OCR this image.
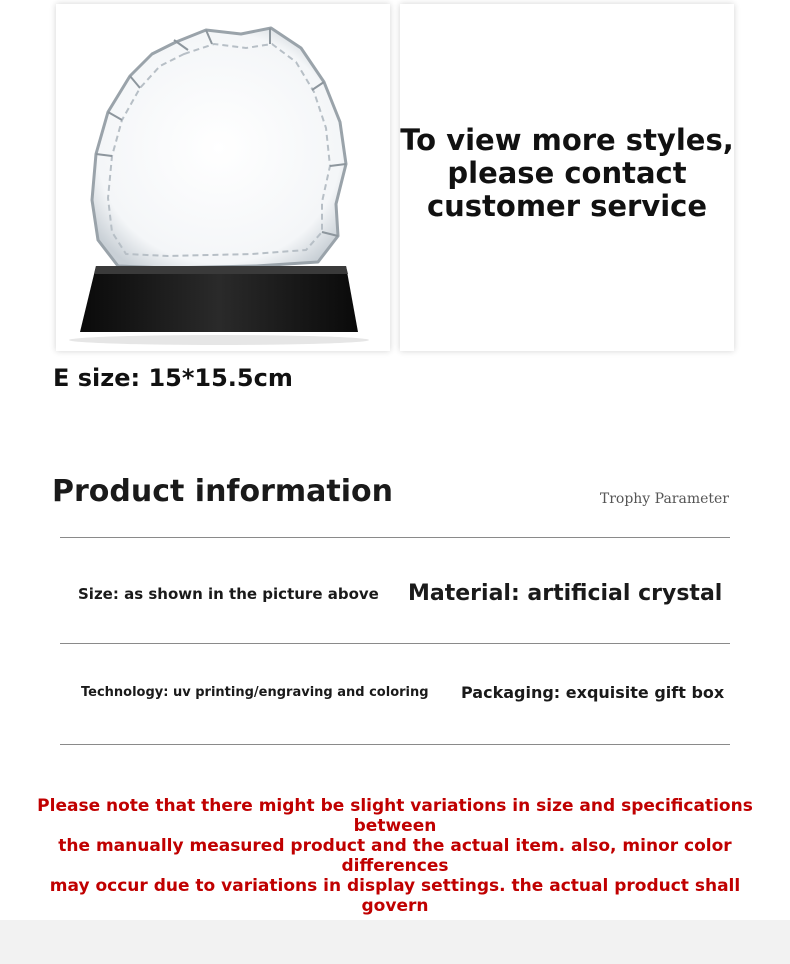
To view more styles,
please contact
customer service
E size: 15*15.5cm
Product information	Trophy Parameter
Size: as shown in the picture above Material: artificial crystal
Technology: uv printing/engraving and coloring Packaging: exquisite gift box
Please note that there might be slight variations in size and specifications between
the manually measured product and the actual item. also, minor color differences
may occur due to variations in display settings. the actual product shall govern
